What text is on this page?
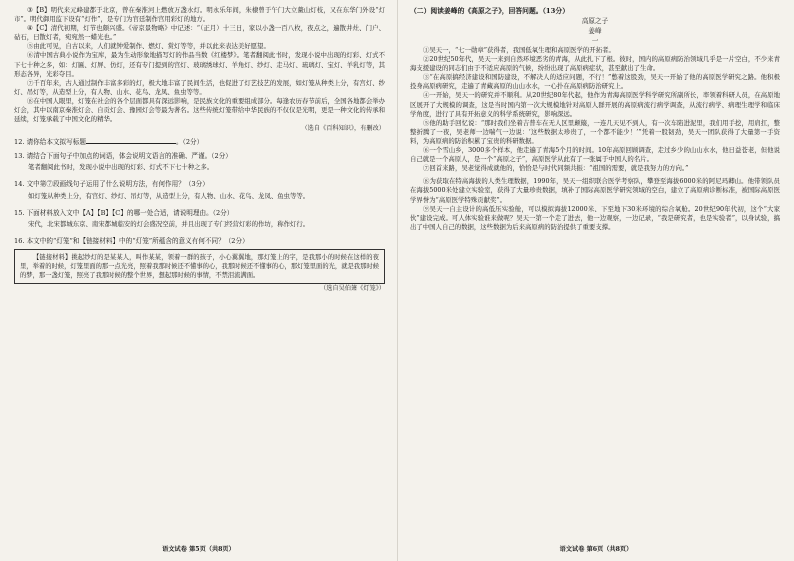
③【B】明代来元峰建都于北京，曾在秦淮河上燃放万盏水灯。明永乐年间，朱棣曾于午门大立鳌山灯枝，又在东华门外设“灯市”。明代御用监下设有“灯作”，是专门为官廷制作宫用彩灯的地方。

④【C】清代初期，灯节也颇兴盛。《帝京景物略》中记述：“（正月）十三日，家以小盏一百八枚，夜点之，遍散井灶、门户、砧石，曰散灯者，宛宛然一蜡光也。”

⑤由此可见，自古以来，人们就钟爱制作、燃灯、赏灯等等，并以此来表达美好愿望。

⑥清中国古典小说作为宝库，最为生动形象地描写灯的作品当数《红楼梦》。笔者翻阅此书时，发现小说中出现的灯彩、灯式不下七十种之多，如：灯匾、灯屏、仿灯，还有专门提到的宫灯、玻璃绣球灯、羊角灯、纱灯、走马灯、琉璃灯、宝灯、羊乳灯等，其形态各异，光彩夺目。

⑦千百年来，古人通过制作丰富多彩的灯，极大地丰富了民间生活，也促进了灯艺技艺的发展，如灯笼从种类上分，有宫灯、纱灯、吊灯等，从造型上分，有人物、山水、花鸟、龙凤、鱼虫等等。

⑧在中国人眼里，灯笼在社会的各个层面都具有深远影响，是民族文化的重要组成部分。每逢农历春节前后，全国各地都会举办灯会，其中以南京秦淮灯会、自贡灯会、豫园灯会等最为著名。这些传统灯笼带给中华民族的不仅仅是光明，更是一种文化的传承和延续，灯笼承载了中国文化的精华。

（选自《百科知识》，有删改）

12. 请你给本文拟写标题	。（2分）

13. 请结合下面句子中加点的词语，体会说明文语言的准确、严谨。（2分）

笔者翻阅此书时，发现小说中出现的灯彩、灯式不下七十种之多。

14. 文中第⑦段画线句子运用了什么说明方法，有何作用？（3分）

如灯笼从种类上分，有宫灯、纱灯、吊灯等，从造型上分，有人物、山水、花鸟、龙凤、鱼虫等等。

15. 下面材料放入文中【A】【B】【C】的哪一处合适，请说明理由。（2分）

宋代，北宋都城东京、南宋都城临安的灯会盛况空前，并且出现了专门经营灯彩的作坊，称作灯行。

16. 本文中的“灯笼”和【链接材料】中的“灯笼”所蕴含的意义有何不同？（2分）

【链接材料】挑起纱灯的是某某人，叫作某某，领着一群的孩子，小心翼翼地，那灯笼上的字，是我那小的时候在这样的夜里，举着的时候，灯笼里面的那一点光亮，照着我那时候还不懂事的心，我那时候还不懂事的心，那灯笼里面的光，就是我那时候的梦，那一盏灯笼，照亮了我那时候的整个世界，想起那时候的事情，不禁泪流满面。

（选自吴伯箫《灯笼》）

语文试卷 第5页（共8页）

（二）阅读姜峰的《高原之子》，回答问题。（13分）

高原之子

姜峰

一

①吴天一，“七一勋章”获得者，我国低氧生理和高原医学的开拓者。

②20世纪50年代，吴天一来到自然环境恶劣的青海，从此扎下了根。彼时，国内的高原病防治领域几乎是一片空白，不少来青海支援建设的同志们由于不适应高原的气候，纷纷出现了高原病症状，甚至献出了生命。

③“在高原搞经济建设和国防建设，不解决人的适应问题，不行！”憋着这股劲，吴天一开始了他的高原医学研究之路。他积极投身高原病研究，走遍了青藏高原的山山水水，一心扑在高原病防治研究上。

④一开始，吴天一的研究并不顺利。从20世纪80年代起，他作为青海高原医学科学研究所副所长，率领着科研人员，在高原地区展开了大规模的调查，这是当时国内第一次大规模地针对高原人群开展的高原病流行病学调查，从流行病学、病理生理学和临床学角度，进行了具有开拓意义的科学系统研究，影响深远。

⑤他的助手回忆说：“那时我们坐着吉普车在无人区里颠簸，一连几天见不到人，有一次车陷进泥里，我们用手挖，用肩扛，整整折腾了一夜，吴老师一边喘气一边说：‘这些数据太珍贵了，一个都不能少！’”凭着一股韧劲，吴天一团队获得了大量第一手资料，为高原病的防治积累了宝贵的科研数据。

⑥一个雪山乡，3000多个样本，他走遍了青海5个月的时间。10年高原回顾调查，走过乡少的山山水水，他日益苍老，但他说自己就是一个高原人，是一个“高原之子”，高原医学从此有了一张属于中国人的名片。

⑦回首来路，吴老觉得成就他的，恰恰是与时代同频共振：“祖国的需要，就是我努力的方向。”

⑧为获取在特高海拔的人类生理数据，1990年，吴天一组织联合医学考察队，攀登至海拔6000米的阿尼玛卿山。他带领队员在海拔5000米处建立实验室，获得了大量珍贵数据，填补了国际高原医学研究领域的空白，建立了高原病诊断标准，被国际高原医学界誉为“高原医学特殊贡献奖”。

⑨吴天一自主设计的高低压实验舱，可以模拟海拔12000米、下至地下30米环境的综合氧舱。20世纪90年代初，这个“大家伙”建设完成。可人体实验谁来做呢？吴天一第一个走了进去，他一边观察，一边记录，“我是研究者，也是实验者”，以身试验，搞出了中国人自己的数据，这些数据为后来高原病的防治提供了重要支撑。

语文试卷 第6页（共8页）
